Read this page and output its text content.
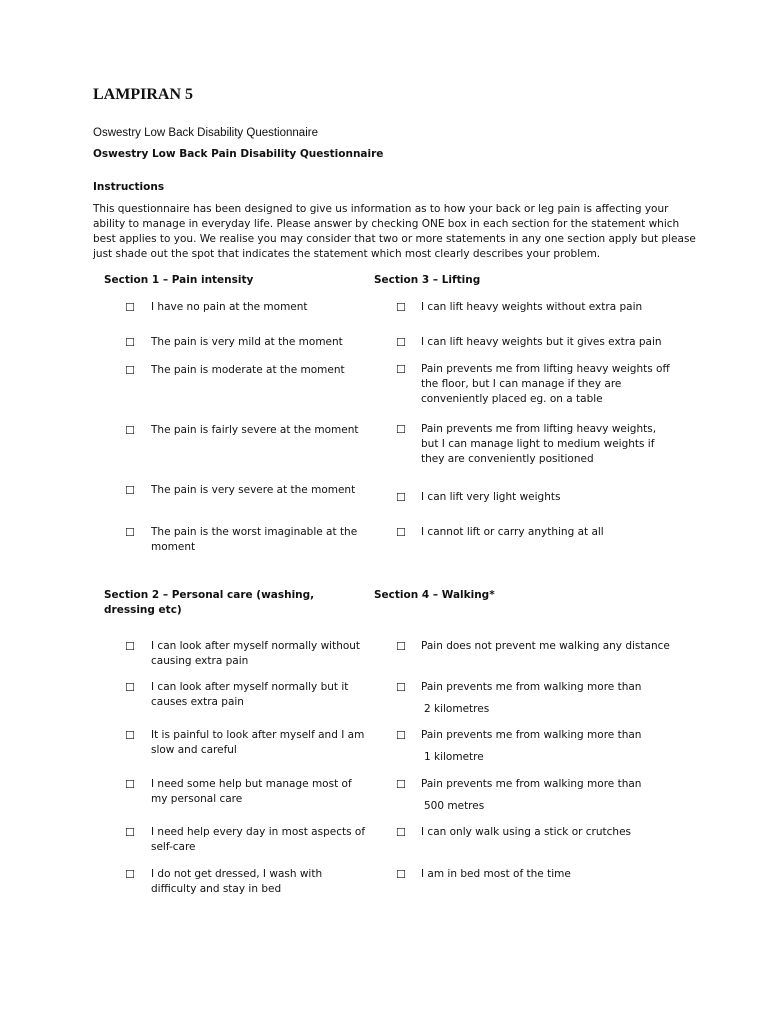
LAMPIRAN 5
Oswestry Low Back Disability Questionnaire
Oswestry Low Back Pain Disability Questionnaire
Instructions
This questionnaire has been designed to give us information as to how your back or leg pain is affecting your ability to manage in everyday life. Please answer by checking ONE box in each section for the statement which best applies to you. We realise you may consider that two or more statements in any one section apply but please just shade out the spot that indicates the statement which most clearly describes your problem.
Section 1 – Pain intensity
☐ I have no pain at the moment
☐ The pain is very mild at the moment
☐ The pain is moderate at the moment
☐ The pain is fairly severe at the moment
☐ The pain is very severe at the moment
☐ The pain is the worst imaginable at the moment
Section 2 – Personal care (washing, dressing etc)
☐ I can look after myself normally without causing extra pain
☐ I can look after myself normally but it causes extra pain
☐ It is painful to look after myself and I am slow and careful
☐ I need some help but manage most of my personal care
☐ I need help every day in most aspects of self-care
☐ I do not get dressed, I wash with difficulty and stay in bed
Section 3 – Lifting
☐ I can lift heavy weights without extra pain
☐ I can lift heavy weights but it gives extra pain
☐ Pain prevents me from lifting heavy weights off the floor, but I can manage if they are conveniently placed eg. on a table
☐ Pain prevents me from lifting heavy weights, but I can manage light to medium weights if they are conveniently positioned
☐ I can lift very light weights
☐ I cannot lift or carry anything at all
Section 4 – Walking*
☐ Pain does not prevent me walking any distance
☐ Pain prevents me from walking more than
2 kilometres
☐ Pain prevents me from walking more than
1 kilometre
☐ Pain prevents me from walking more than
500 metres
☐ I can only walk using a stick or crutches
☐ I am in bed most of the time
